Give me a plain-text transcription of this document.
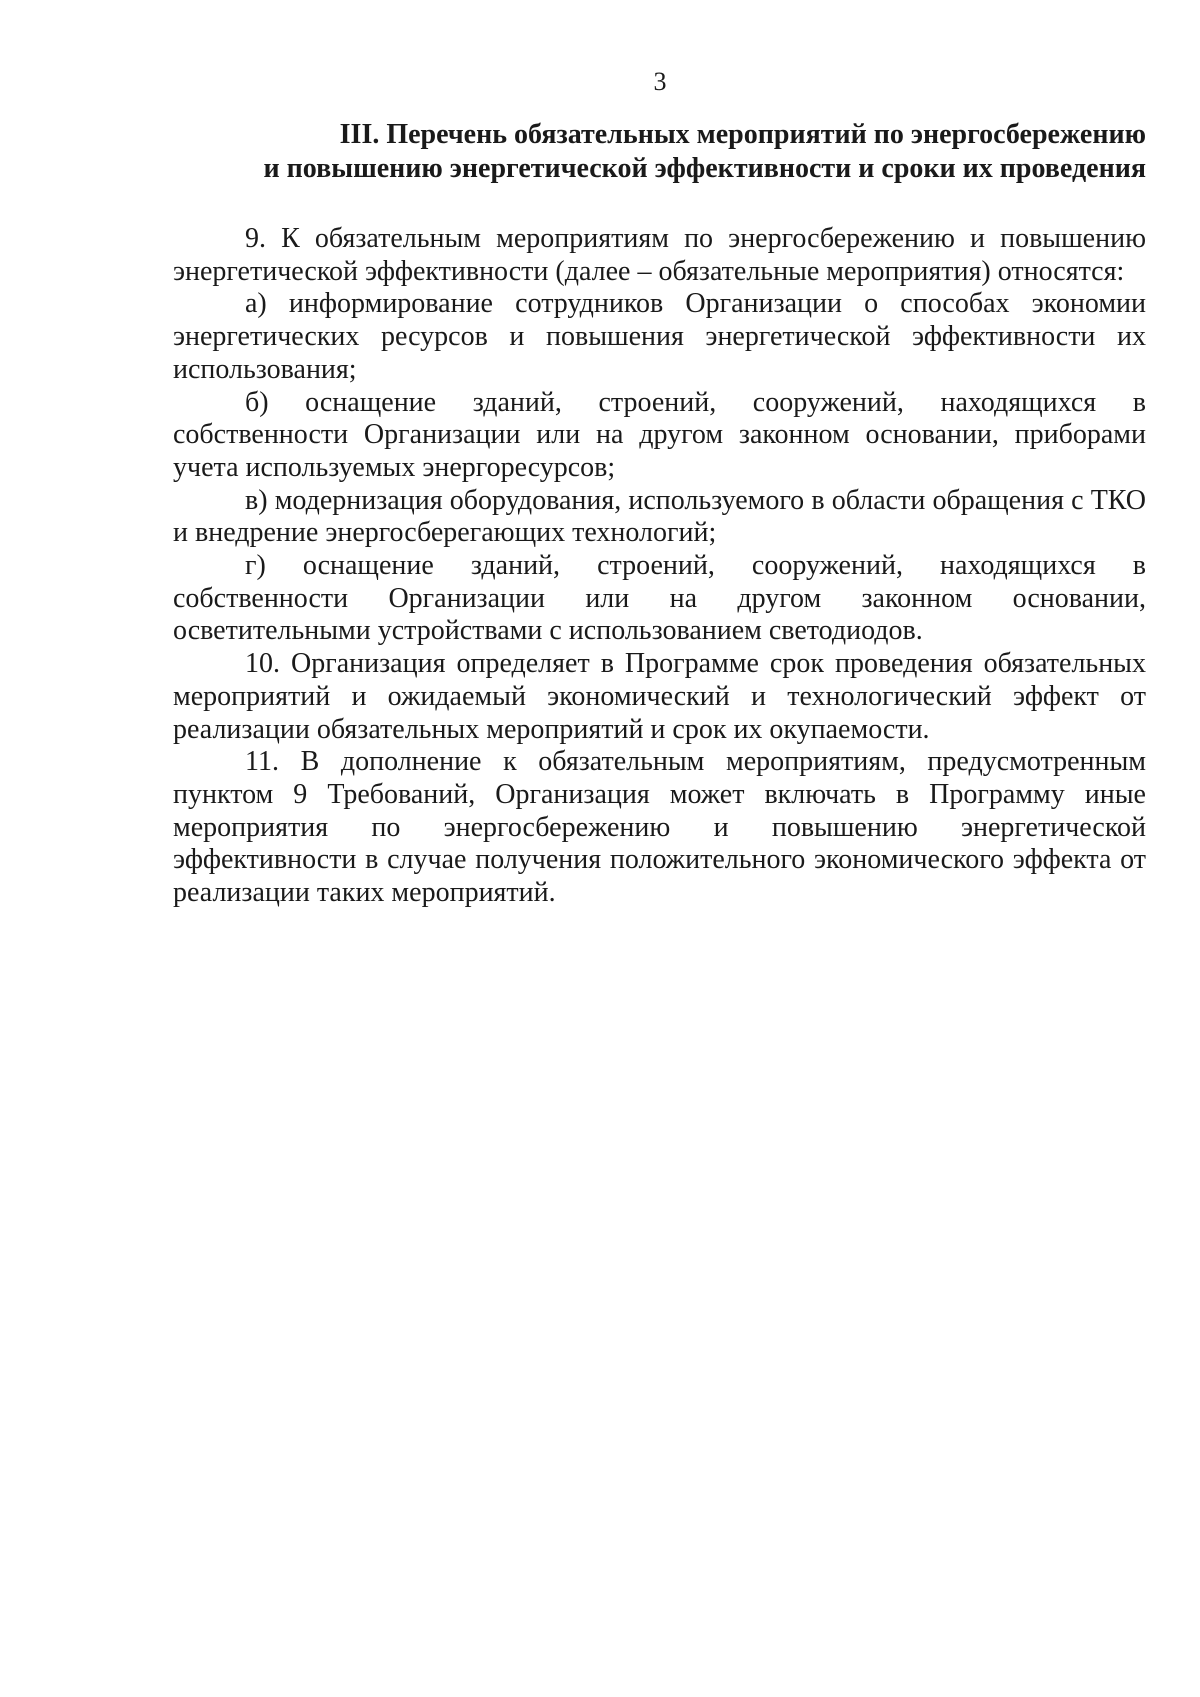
3
III. Перечень обязательных мероприятий по энергосбережению
и повышению энергетической эффективности и сроки их проведения

9. К обязательным мероприятиям по энергосбережению и повышению энергетической эффективности (далее – обязательные мероприятия) относятся:

а) информирование сотрудников Организации о способах экономии энергетических ресурсов и повышения энергетической эффективности их использования;

б) оснащение зданий, строений, сооружений, находящихся в собственности Организации или на другом законном основании, приборами учета используемых энергоресурсов;

в) модернизация оборудования, используемого в области обращения с ТКО и внедрение энергосберегающих технологий;

г) оснащение зданий, строений, сооружений, находящихся в собственности Организации или на другом законном основании, осветительными устройствами с использованием светодиодов.

10. Организация определяет в Программе срок проведения обязательных мероприятий и ожидаемый экономический и технологический эффект от реализации обязательных мероприятий и срок их окупаемости.

11. В дополнение к обязательным мероприятиям, предусмотренным пунктом 9 Требований, Организация может включать в Программу иные мероприятия по энергосбережению и повышению энергетической эффективности в случае получения положительного экономического эффекта от реализации таких мероприятий.
